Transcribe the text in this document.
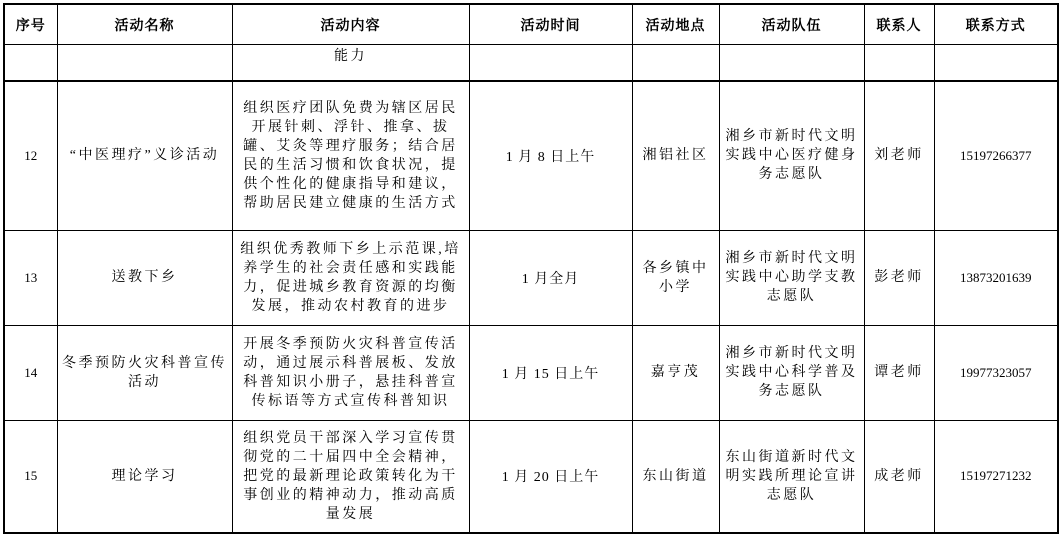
序号	活动名称	活动内容	活动时间	活动地点	活动队伍	联系人	联系方式
		能力					
12	“中医理疗”义诊活动	组织医疗团队免费为辖区居民开展针刺、浮针、推拿、拔罐、艾灸等理疗服务；结合居民的生活习惯和饮食状况，提供个性化的健康指导和建议，帮助居民建立健康的生活方式	1 月 8 日上午	湘铝社区	湘乡市新时代文明实践中心医疗健身务志愿队	刘老师	15197266377
13	送教下乡	组织优秀教师下乡上示范课,培养学生的社会责任感和实践能力，促进城乡教育资源的均衡发展，推动农村教育的进步	1 月全月	各乡镇中小学	湘乡市新时代文明实践中心助学支教志愿队	彭老师	13873201639
14	冬季预防火灾科普宣传活动	开展冬季预防火灾科普宣传活动，通过展示科普展板、发放科普知识小册子，悬挂科普宣传标语等方式宣传科普知识	1 月 15 日上午	嘉亨茂	湘乡市新时代文明实践中心科学普及务志愿队	谭老师	19977323057
15	理论学习	组织党员干部深入学习宣传贯彻党的二十届四中全会精神，把党的最新理论政策转化为干事创业的精神动力，推动高质量发展	1 月 20 日上午	东山街道	东山街道新时代文明实践所理论宣讲志愿队	成老师	15197271232
